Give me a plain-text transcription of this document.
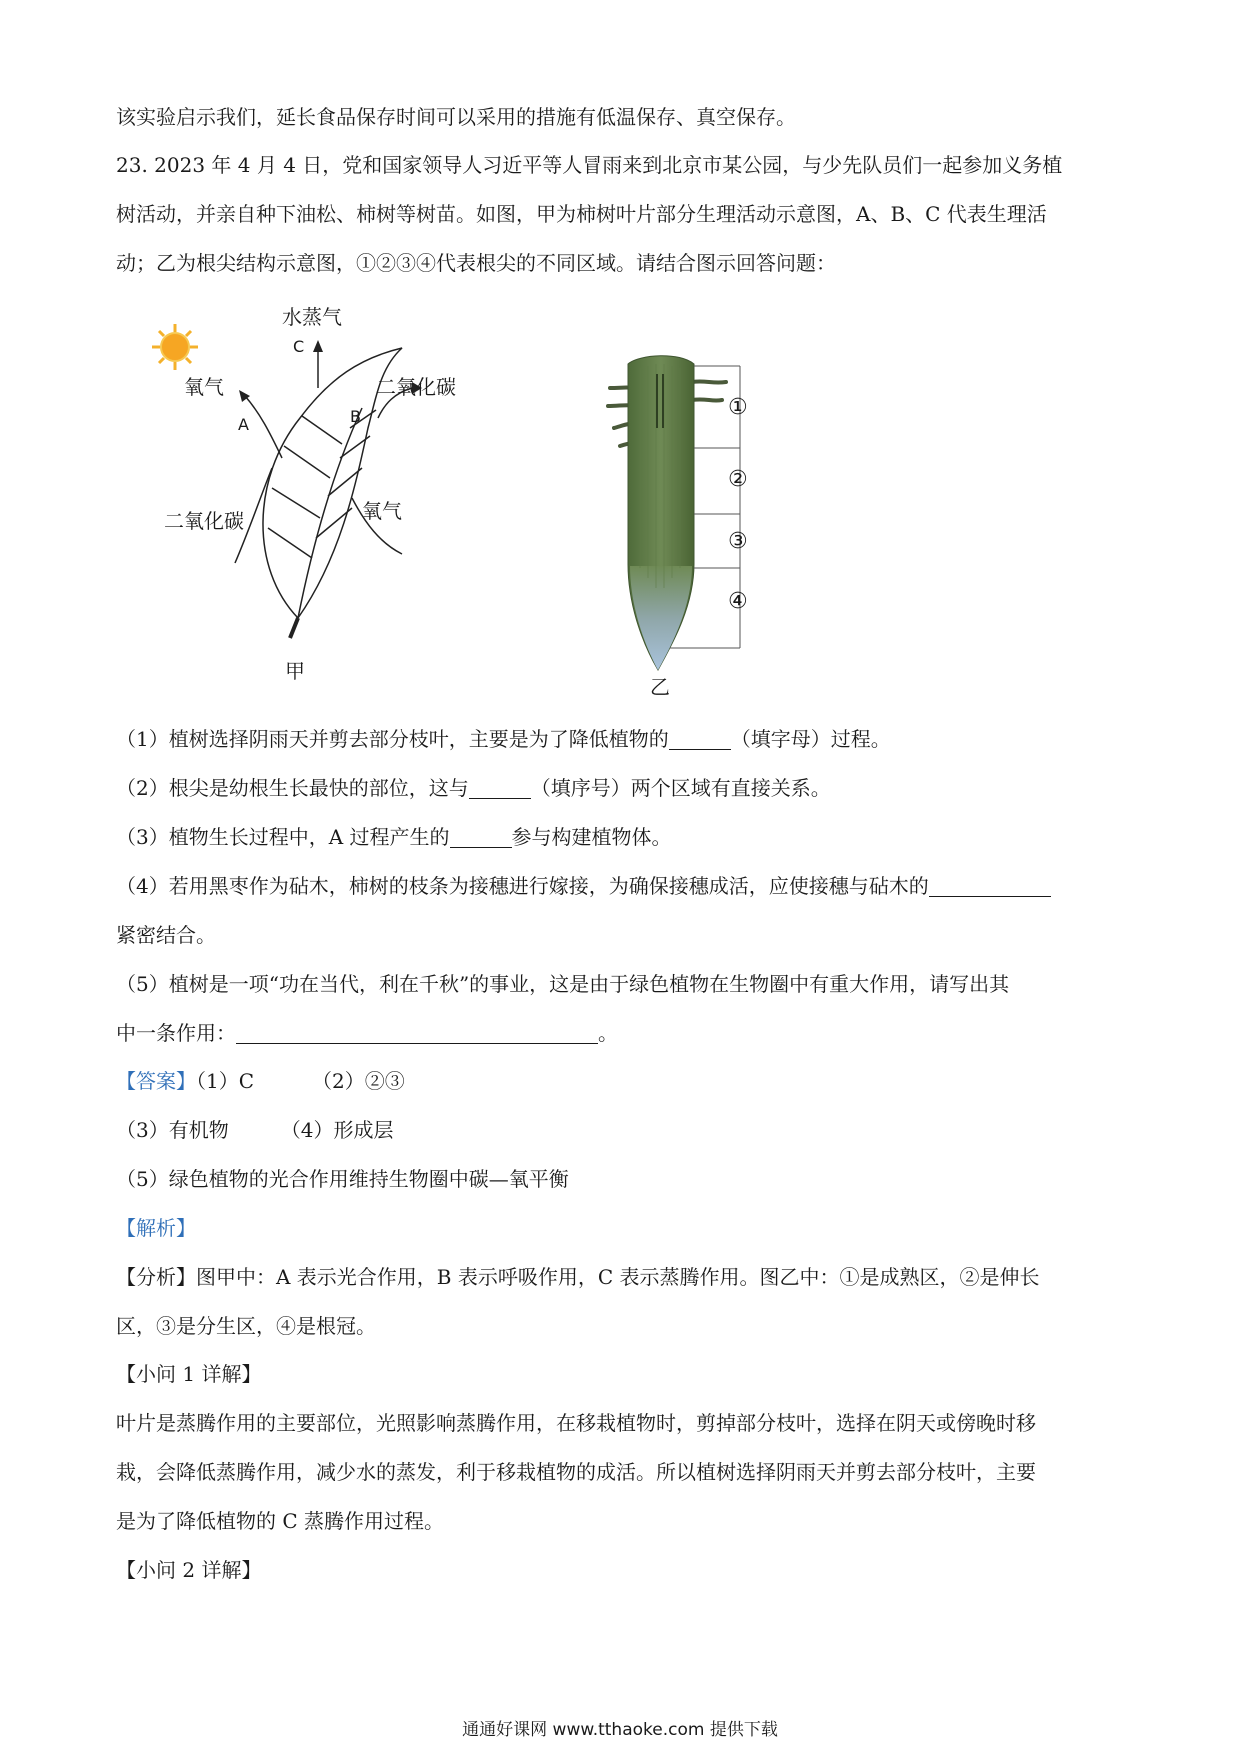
该实验启示我们，延长食品保存时间可以采用的措施有低温保存、真空保存。
23. 2023 年 4 月 4 日，党和国家领导人习近平等人冒雨来到北京市某公园，与少先队员们一起参加义务植
树活动，并亲自种下油松、柿树等树苗。如图，甲为柿树叶片部分生理活动示意图，A、B、C 代表生理活
动；乙为根尖结构示意图，①②③④代表根尖的不同区域。请结合图示回答问题：
水蒸气
C
氧气
A
二氧化碳
B
二氧化碳	氧气
甲
①
②
③
④
乙
（1）植树选择阴雨天并剪去部分枝叶，主要是为了降低植物的	（填字母）过程。
（2）根尖是幼根生长最快的部位，这与	（填序号）两个区域有直接关系。
（3）植物生长过程中，A 过程产生的	参与构建植物体。
（4）若用黑枣作为砧木，柿树的枝条为接穗进行嫁接，为确保接穗成活，应使接穗与砧木的
紧密结合。
（5）植树是一项“功在当代，利在千秋”的事业，这是由于绿色植物在生物圈中有重大作用，请写出其
中一条作用：	。
【答案】（1）C	（2）②③
（3）有机物	（4）形成层
（5）绿色植物的光合作用维持生物圈中碳—氧平衡
【解析】
【分析】图甲中：A 表示光合作用，B 表示呼吸作用，C 表示蒸腾作用。图乙中：①是成熟区，②是伸长
区，③是分生区，④是根冠。
【小问 1 详解】
叶片是蒸腾作用的主要部位，光照影响蒸腾作用，在移栽植物时，剪掉部分枝叶，选择在阴天或傍晚时移
栽，会降低蒸腾作用，减少水的蒸发，利于移栽植物的成活。所以植树选择阴雨天并剪去部分枝叶，主要
是为了降低植物的 C 蒸腾作用过程。
【小问 2 详解】
通通好课网 www.tthaoke.com 提供下载
